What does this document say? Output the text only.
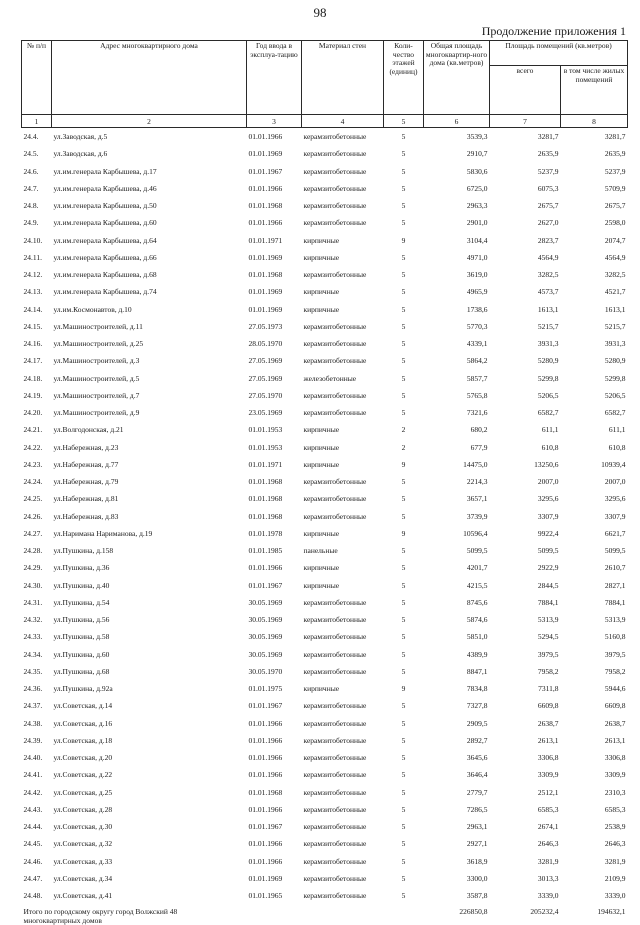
98
Продолжение приложения 1
№ п/п	Адрес многоквартирного дома	Год ввода в эксплуа-тацию	Материал стен	Коли-чество этажей (единиц)	Общая площадь многоквартир-ного дома (кв.метров)	Площадь помещений (кв.метров)	
						всего	в том числе жилых помещений
1	2	3	4	5	6	7	8
24.4.	ул.Заводская, д.5	01.01.1966	керамзитобетонные	5	3539,3	3281,7	3281,7
24.5.	ул.Заводская, д.6	01.01.1969	керамзитобетонные	5	2910,7	2635,9	2635,9
24.6.	ул.им.генерала Карбышева, д.17	01.01.1967	керамзитобетонные	5	5830,6	5237,9	5237,9
24.7.	ул.им.генерала Карбышева, д.46	01.01.1966	керамзитобетонные	5	6725,0	6075,3	5709,9
24.8.	ул.им.генерала Карбышева, д.50	01.01.1968	керамзитобетонные	5	2963,3	2675,7	2675,7
24.9.	ул.им.генерала Карбышева, д.60	01.01.1966	керамзитобетонные	5	2901,0	2627,0	2598,0
24.10.	ул.им.генерала Карбышева, д.64	01.01.1971	кирпичные	9	3104,4	2823,7	2074,7
24.11.	ул.им.генерала Карбышева, д.66	01.01.1969	кирпичные	5	4971,0	4564,9	4564,9
24.12.	ул.им.генерала Карбышева, д.68	01.01.1968	керамзитобетонные	5	3619,0	3282,5	3282,5
24.13.	ул.им.генерала Карбышева, д.74	01.01.1969	кирпичные	5	4965,9	4573,7	4521,7
24.14.	ул.им.Космонавтов, д.10	01.01.1969	кирпичные	5	1738,6	1613,1	1613,1
24.15.	ул.Машиностроителей, д.11	27.05.1973	керамзитобетонные	5	5770,3	5215,7	5215,7
24.16.	ул.Машиностроителей, д.25	28.05.1970	керамзитобетонные	5	4339,1	3931,3	3931,3
24.17.	ул.Машиностроителей, д.3	27.05.1969	керамзитобетонные	5	5864,2	5280,9	5280,9
24.18.	ул.Машиностроителей, д.5	27.05.1969	железобетонные	5	5857,7	5299,8	5299,8
24.19.	ул.Машиностроителей, д.7	27.05.1970	керамзитобетонные	5	5765,8	5206,5	5206,5
24.20.	ул.Машиностроителей, д.9	23.05.1969	керамзитобетонные	5	7321,6	6582,7	6582,7
24.21.	ул.Волгодонская, д.21	01.01.1953	кирпичные	2	680,2	611,1	611,1
24.22.	ул.Набережная, д.23	01.01.1953	кирпичные	2	677,9	610,8	610,8
24.23.	ул.Набережная, д.77	01.01.1971	кирпичные	9	14475,0	13250,6	10939,4
24.24.	ул.Набережная, д.79	01.01.1968	керамзитобетонные	5	2214,3	2007,0	2007,0
24.25.	ул.Набережная, д.81	01.01.1968	керамзитобетонные	5	3657,1	3295,6	3295,6
24.26.	ул.Набережная, д.83	01.01.1968	керамзитобетонные	5	3739,9	3307,9	3307,9
24.27.	ул.Наримана Нариманова, д.19	01.01.1978	кирпичные	9	10596,4	9922,4	6621,7
24.28.	ул.Пушкина, д.158	01.01.1985	панельные	5	5099,5	5099,5	5099,5
24.29.	ул.Пушкина, д.36	01.01.1966	кирпичные	5	4201,7	2922,9	2610,7
24.30.	ул.Пушкина, д.40	01.01.1967	кирпичные	5	4215,5	2844,5	2827,1
24.31.	ул.Пушкина, д.54	30.05.1969	керамзитобетонные	5	8745,6	7884,1	7884,1
24.32.	ул.Пушкина, д.56	30.05.1969	керамзитобетонные	5	5874,6	5313,9	5313,9
24.33.	ул.Пушкина, д.58	30.05.1969	керамзитобетонные	5	5851,0	5294,5	5160,8
24.34.	ул.Пушкина, д.60	30.05.1969	керамзитобетонные	5	4389,9	3979,5	3979,5
24.35.	ул.Пушкина, д.68	30.05.1970	керамзитобетонные	5	8847,1	7958,2	7958,2
24.36.	ул.Пушкина, д.92а	01.01.1975	кирпичные	9	7834,8	7311,8	5944,6
24.37.	ул.Советская, д.14	01.01.1967	керамзитобетонные	5	7327,8	6609,8	6609,8
24.38.	ул.Советская, д.16	01.01.1966	керамзитобетонные	5	2909,5	2638,7	2638,7
24.39.	ул.Советская, д.18	01.01.1966	керамзитобетонные	5	2892,7	2613,1	2613,1
24.40.	ул.Советская, д.20	01.01.1966	керамзитобетонные	5	3645,6	3306,8	3306,8
24.41.	ул.Советская, д.22	01.01.1966	керамзитобетонные	5	3646,4	3309,9	3309,9
24.42.	ул.Советская, д.25	01.01.1968	керамзитобетонные	5	2779,7	2512,1	2310,3
24.43.	ул.Советская, д.28	01.01.1966	керамзитобетонные	5	7286,5	6585,3	6585,3
24.44.	ул.Советская, д.30	01.01.1967	керамзитобетонные	5	2963,1	2674,1	2538,9
24.45.	ул.Советская, д.32	01.01.1966	керамзитобетонные	5	2927,1	2646,3	2646,3
24.46.	ул.Советская, д.33	01.01.1966	керамзитобетонные	5	3618,9	3281,9	3281,9
24.47.	ул.Советская, д.34	01.01.1969	керамзитобетонные	5	3300,0	3013,3	2109,9
24.48.	ул.Советская, д.41	01.01.1965	керамзитобетонные	5	3587,8	3339,0	3339,0

Итого по городскому округу город Волжский 48 многоквартирных домов					226850,8	205232,4	194632,1
